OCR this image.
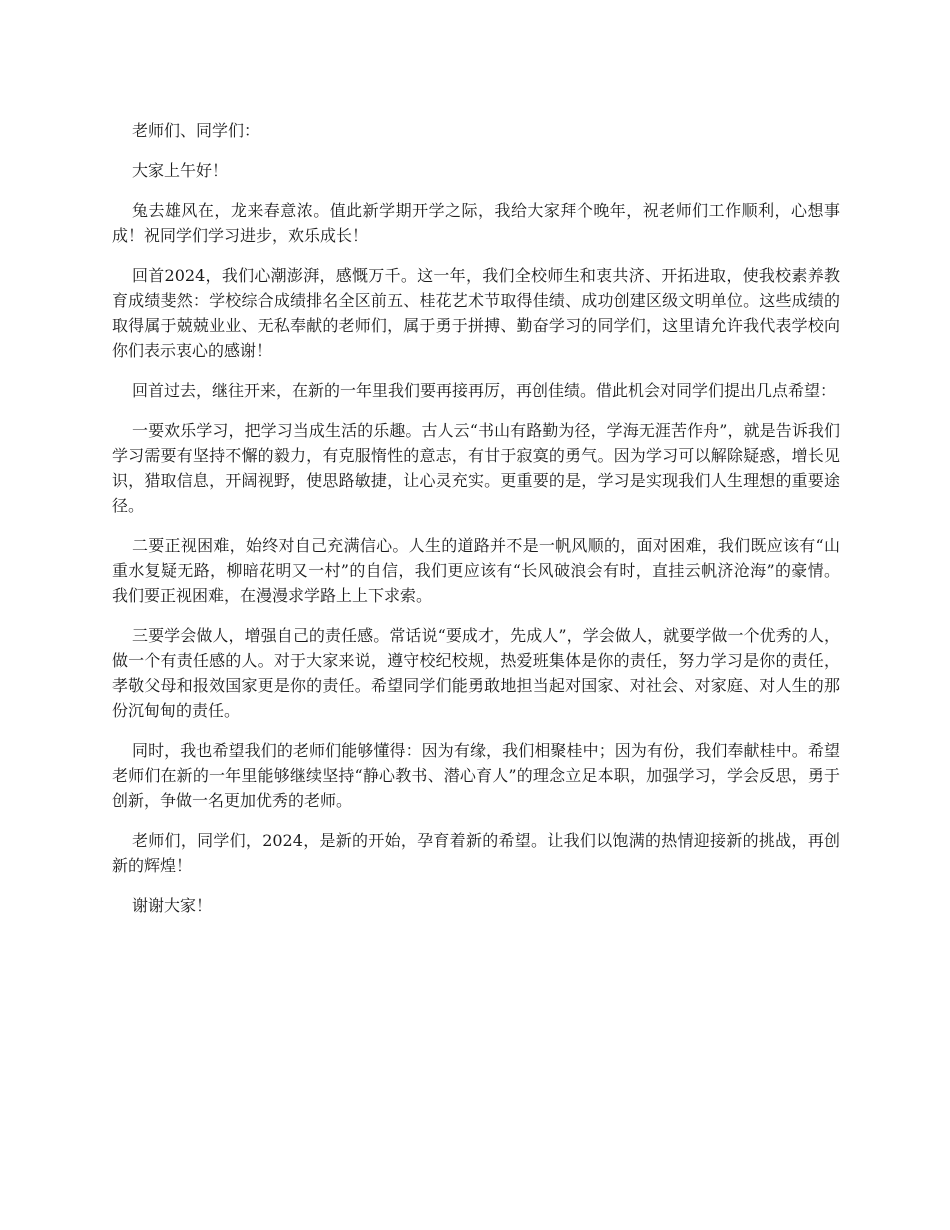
老师们、同学们：

大家上午好！

兔去雄风在，龙来春意浓。值此新学期开学之际，我给大家拜个晚年，祝老师们工作顺利，心想事成！祝同学们学习进步，欢乐成长！

回首2024，我们心潮澎湃，感慨万千。这一年，我们全校师生和衷共济、开拓进取，使我校素养教育成绩斐然：学校综合成绩排名全区前五、桂花艺术节取得佳绩、成功创建区级文明单位。这些成绩的取得属于兢兢业业、无私奉献的老师们，属于勇于拼搏、勤奋学习的同学们，这里请允许我代表学校向你们表示衷心的感谢！

回首过去，继往开来，在新的一年里我们要再接再厉，再创佳绩。借此机会对同学们提出几点希望：

一要欢乐学习，把学习当成生活的乐趣。古人云“书山有路勤为径，学海无涯苦作舟”，就是告诉我们学习需要有坚持不懈的毅力，有克服惰性的意志，有甘于寂寞的勇气。因为学习可以解除疑惑，增长见识，猎取信息，开阔视野，使思路敏捷，让心灵充实。更重要的是，学习是实现我们人生理想的重要途径。

二要正视困难，始终对自己充满信心。人生的道路并不是一帆风顺的，面对困难，我们既应该有“山重水复疑无路，柳暗花明又一村”的自信，我们更应该有“长风破浪会有时，直挂云帆济沧海”的豪情。我们要正视困难，在漫漫求学路上上下求索。

三要学会做人，增强自己的责任感。常话说“要成才，先成人”，学会做人，就要学做一个优秀的人，做一个有责任感的人。对于大家来说，遵守校纪校规，热爱班集体是你的责任，努力学习是你的责任，孝敬父母和报效国家更是你的责任。希望同学们能勇敢地担当起对国家、对社会、对家庭、对人生的那份沉甸甸的责任。

同时，我也希望我们的老师们能够懂得：因为有缘，我们相聚桂中；因为有份，我们奉献桂中。希望老师们在新的一年里能够继续坚持“静心教书、潜心育人”的理念立足本职，加强学习，学会反思，勇于创新，争做一名更加优秀的老师。

老师们，同学们，2024，是新的开始，孕育着新的希望。让我们以饱满的热情迎接新的挑战，再创新的辉煌！

谢谢大家！
